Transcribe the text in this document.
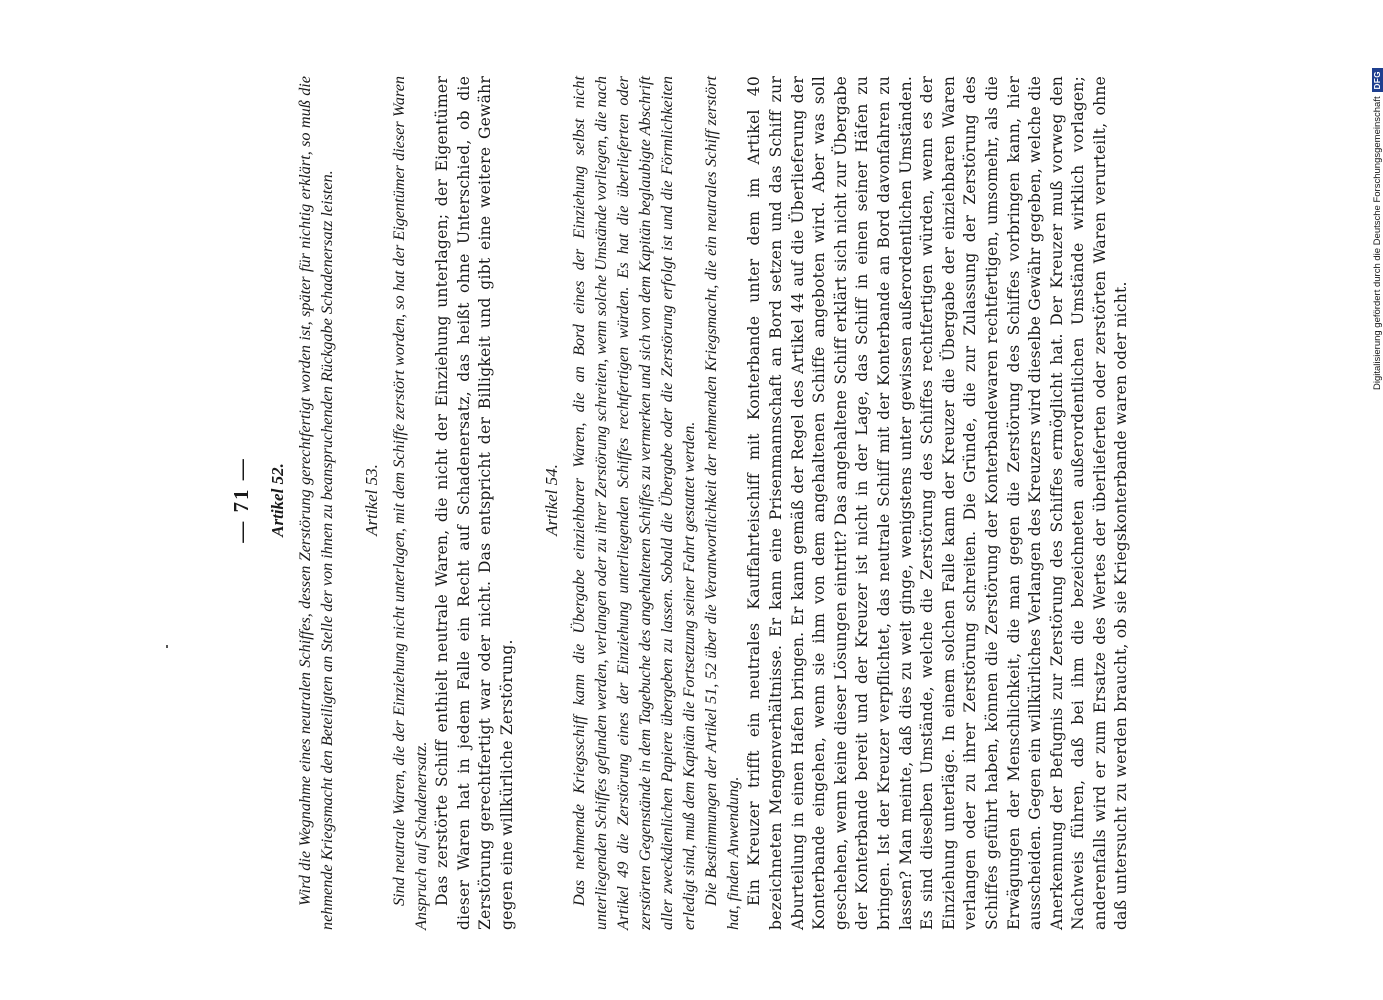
— 71 — Artikel 52. Wird die Wegnahme eines neutralen Schiffes, dessen Zerstörung gerechtfertigt worden ist, später für nichtig erklärt, so muß die nehmende Kriegsmacht den Beteiligten an Stelle der von ihnen zu beanspruchenden Rückgabe Schadenersatz leisten. Artikel 53. Sind neutrale Waren, die der Einziehung nicht unterlagen, mit dem Schiffe zerstört worden, so hat der Eigentümer dieser Waren Anspruch auf Schadenersatz. Das zerstörte Schiff enthielt neutrale Waren, die nicht der Einziehung unterlagen; der Eigentümer dieser Waren hat in jedem Falle ein Recht auf Schadenersatz, das heißt ohne Unterschied, ob die Zerstörung gerechtfertigt war oder nicht. Das entspricht der Billigkeit und gibt eine weitere Gewähr gegen eine willkürliche Zerstörung.

Artikel 54. Das nehmende Kriegsschiff kann die Übergabe einziehbarer Waren, die an Bord eines der Einziehung selbst nicht unterliegenden Schiffes gefunden werden, verlangen oder zu ihrer Zerstörung schreiten, wenn solche Umstände vorliegen, die nach Artikel 49 die Zerstörung eines der Einziehung unterliegenden Schiffes rechtfertigen würden. Es hat die überlieferten oder zerstörten Gegenstände in dem Tagebuche des angehaltenen Schiffes zu vermerken und sich von dem Kapitän beglaubigte Abschrift aller zweckdienlichen Papiere übergeben zu lassen. Sobald die Übergabe oder die Zerstörung erfolgt ist und die Förmlichkeiten erledigt sind, muß dem Kapitän die Fortsetzung seiner Fahrt gestattet werden. Die Bestimmungen der Artikel 51, 52 über die Verantwortlichkeit der nehmenden Kriegsmacht, die ein neutrales Schiff zerstört hat, finden Anwendung. Ein Kreuzer trifft ein neutrales Kauffahrteischiff mit Konterbande unter dem im Artikel 40 bezeichneten Mengenverhältnisse. Er kann eine Prisenmannschaft an Bord setzen und das Schiff zur Aburteilung in einen Hafen bringen. Er kann gemäß der Regel des Artikel 44 auf die Überlieferung der Konterbande eingehen, wenn sie ihm von dem angehaltenen Schiffe angeboten wird. Aber was soll geschehen, wenn keine dieser Lösungen eintritt? Das angehaltene Schiff erklärt sich nicht zur Übergabe der Konterbande bereit und der Kreuzer ist nicht in der Lage, das Schiff in einen seiner Häfen zu bringen. Ist der Kreuzer verpflichtet, das neutrale Schiff mit der Konterbande an Bord davonfahren zu lassen? Man meinte, daß dies zu weit ginge, wenigstens unter gewissen außerordentlichen Umständen. Es sind dieselben Umstände, welche die Zerstörung des Schiffes rechtfertigen würden, wenn es der Einziehung unterläge. In einem solchen Falle kann der Kreuzer die Übergabe der einziehbaren Waren verlangen oder zu ihrer Zerstörung schreiten. Die Gründe, die zur Zulassung der Zerstörung des Schiffes geführt haben, können die Zerstörung der Konterbandewaren rechtfertigen, umsomehr, als die Erwägungen der Menschlichkeit, die man gegen die Zerstörung des Schiffes vorbringen kann, hier ausscheiden. Gegen ein willkürliches Verlangen des Kreuzers wird dieselbe Gewähr gegeben, welche die Anerkennung der Befugnis zur Zerstörung des Schiffes ermöglicht hat. Der Kreuzer muß vorweg den Nachweis führen, daß bei ihm die bezeichneten außerordentlichen Umstände wirklich vorlagen; anderenfalls wird er zum Ersatze des Wertes der überlieferten oder zerstörten Waren verurteilt, ohne daß untersucht zu werden braucht, ob sie Kriegskonterbande waren oder nicht.

Digitalisierung gefördert durch die Deutsche Forschungsgemeinschaft
DFG
